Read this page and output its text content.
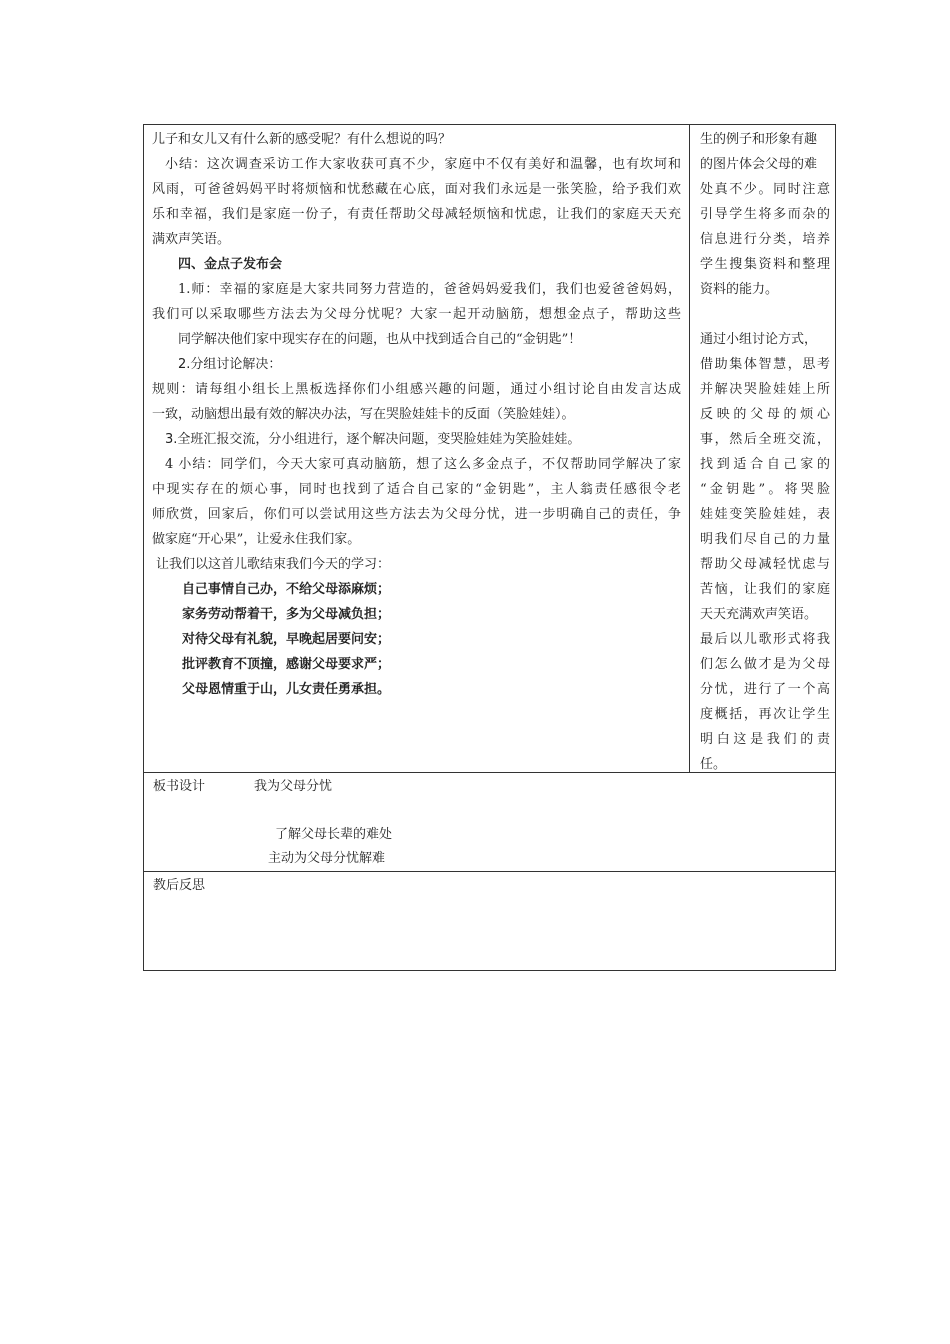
儿子和女儿又有什么新的感受呢？有什么想说的吗？
小结：这次调查采访工作大家收获可真不少，家庭中不仅有美好和温馨，也有坎坷和
风雨，可爸爸妈妈平时将烦恼和忧愁藏在心底，面对我们永远是一张笑脸，给予我们欢
乐和幸福，我们是家庭一份子，有责任帮助父母减轻烦恼和忧虑，让我们的家庭天天充
满欢声笑语。
四、金点子发布会
1.师：幸福的家庭是大家共同努力营造的，爸爸妈妈爱我们，我们也爱爸爸妈妈，
我们可以采取哪些方法去为父母分忧呢？大家一起开动脑筋，想想金点子，帮助这些
同学解决他们家中现实存在的问题，也从中找到适合自己的“金钥匙”！
2.分组讨论解决：
规则：请每组小组长上黑板选择你们小组感兴趣的问题，通过小组讨论自由发言达成
一致，动脑想出最有效的解决办法，写在哭脸娃娃卡的反面（笑脸娃娃）。
3.全班汇报交流，分小组进行，逐个解决问题，变哭脸娃娃为笑脸娃娃。
4 小结：同学们，今天大家可真动脑筋，想了这么多金点子，不仅帮助同学解决了家
中现实存在的烦心事，同时也找到了适合自己家的“金钥匙”，主人翁责任感很令老
师欣赏，回家后，你们可以尝试用这些方法去为父母分忧，进一步明确自己的责任，争
做家庭“开心果”，让爱永住我们家。
让我们以这首儿歌结束我们今天的学习：
自己事情自己办，不给父母添麻烦；
家务劳动帮着干，多为父母减负担；
对待父母有礼貌，早晚起居要问安；
批评教育不顶撞，感谢父母要求严；
父母恩情重于山，儿女责任勇承担。
生的例子和形象有趣
的图片体会父母的难
处真不少。同时注意
引导学生将多而杂的
信息进行分类，培养
学生搜集资料和整理
资料的能力。
通过小组讨论方式，
借助集体智慧，思考
并解决哭脸娃娃上所
反映的父母的烦心
事，然后全班交流，
找到适合自己家的
“金钥匙”。将哭脸
娃娃变笑脸娃娃，表
明我们尽自己的力量
帮助父母减轻忧虑与
苦恼，让我们的家庭
天天充满欢声笑语。
最后以儿歌形式将我
们怎么做才是为父母
分忧，进行了一个高
度概括，再次让学生
明白这是我们的责
任。
板书设计	我为父母分忧
了解父母长辈的难处
主动为父母分忧解难
教后反思
